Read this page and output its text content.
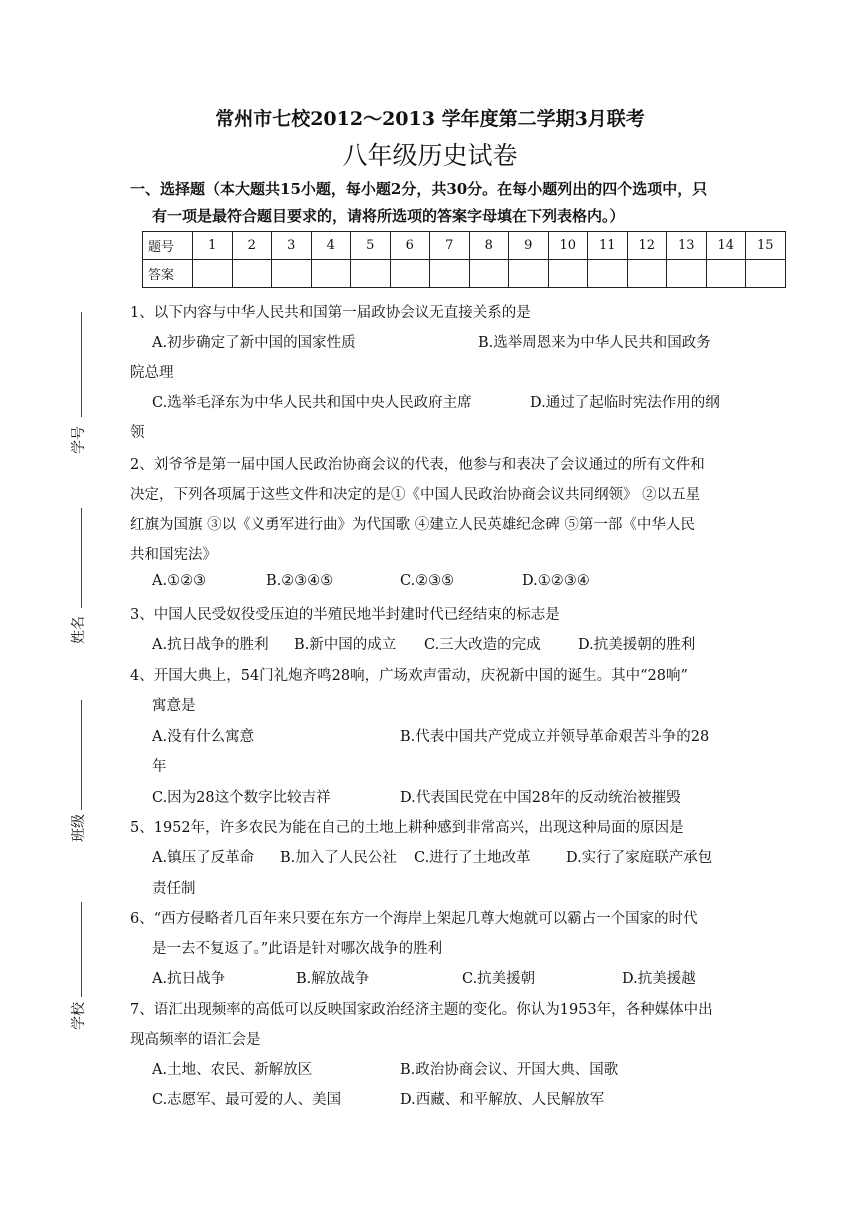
常州市七校2012～2013 学年度第二学期3月联考
八年级历史试卷
一、选择题（本大题共15小题，每小题2分，共30分。在每小题列出的四个选项中，只
有一项是最符合题目要求的，请将所选项的答案字母填在下列表格内。）
题号	1	2	3	4	5	6	7	8	9	10	11	12	13	14	15
答案															
学号
姓名
班级
学校
1、以下内容与中华人民共和国第一届政协会议无直接关系的是
A.初步确定了新中国的国家性质	B.选举周恩来为中华人民共和国政务
院总理
C.选举毛泽东为中华人民共和国中央人民政府主席	D.通过了起临时宪法作用的纲
领
2、刘爷爷是第一届中国人民政治协商会议的代表，他参与和表决了会议通过的所有文件和
决定，下列各项属于这些文件和决定的是①《中国人民政治协商会议共同纲领》 ②以五星
红旗为国旗 ③以《义勇军进行曲》为代国歌 ④建立人民英雄纪念碑 ⑤第一部《中华人民
共和国宪法》
A.①②③	B.②③④⑤	C.②③⑤	D.①②③④
3、中国人民受奴役受压迫的半殖民地半封建时代已经结束的标志是
A.抗日战争的胜利 B.新中国的成立 C.三大改造的完成	D.抗美援朝的胜利
4、开国大典上，54门礼炮齐鸣28响，广场欢声雷动，庆祝新中国的诞生。其中“28响”
寓意是
A.没有什么寓意	B.代表中国共产党成立并领导革命艰苦斗争的28
年
C.因为28这个数字比较吉祥	D.代表国民党在中国28年的反动统治被摧毁
5、1952年，许多农民为能在自己的土地上耕种感到非常高兴，出现这种局面的原因是
A.镇压了反革命 B.加入了人民公社 C.进行了土地改革 D.实行了家庭联产承包
责任制
6、“西方侵略者几百年来只要在东方一个海岸上架起几尊大炮就可以霸占一个国家的时代
是一去不复返了。”此语是针对哪次战争的胜利
A.抗日战争	B.解放战争	C.抗美援朝	D.抗美援越
7、语汇出现频率的高低可以反映国家政治经济主题的变化。你认为1953年，各种媒体中出
现高频率的语汇会是
A.土地、农民、新解放区	B.政治协商会议、开国大典、国歌
C.志愿军、最可爱的人、美国	D.西藏、和平解放、人民解放军
